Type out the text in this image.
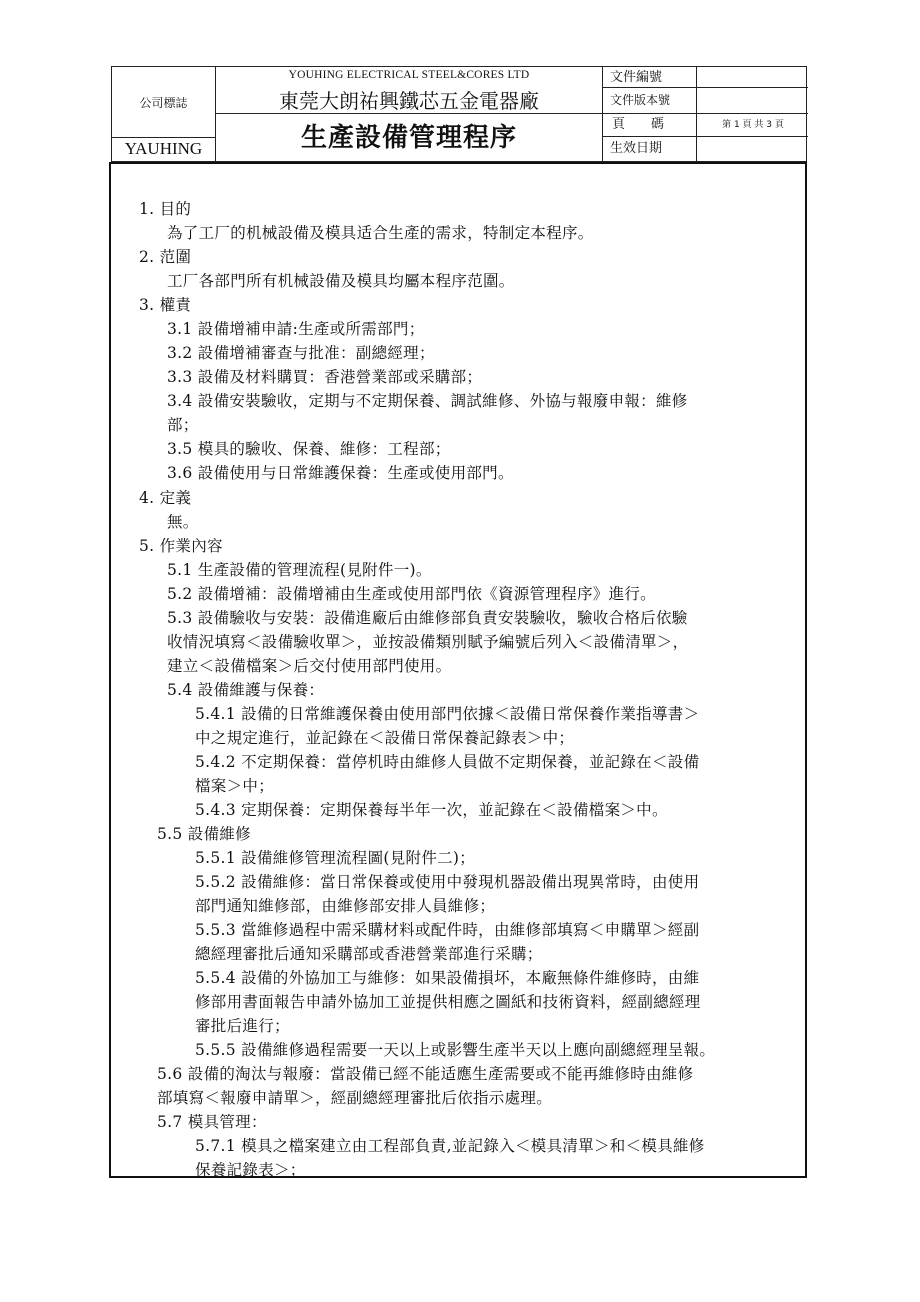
公司標誌
YAUHING
YOUHING ELECTRICAL STEEL&CORES LTD
東莞大朗祐興鐵芯五金電器廠
生產設備管理程序
文件編號
文件版本號
頁　　碼	第 1 頁 共 3 頁
生效日期
1. 目的
為了工厂的机械設備及模具适合生產的需求，特制定本程序。
2. 范圍
工厂各部門所有机械設備及模具均屬本程序范圍。
3. 權責
3.1 設備增補申請:生產或所需部門；
3.2 設備增補審查与批准：副總經理；
3.3 設備及材料購買：香港營業部或采購部；
3.4 設備安裝驗收，定期与不定期保養、調試維修、外協与報廢申報：維修
部；
3.5 模具的驗收、保養、維修：工程部；
3.6 設備使用与日常維護保養：生產或使用部門。
4. 定義
無。
5. 作業內容
5.1 生產設備的管理流程(見附件一)。
5.2 設備增補：設備增補由生產或使用部門依《資源管理程序》進行。
5.3 設備驗收与安裝：設備進廠后由維修部負責安裝驗收，驗收合格后依驗
收情況填寫＜設備驗收單＞，並按設備類別賦予編號后列入＜設備清單＞，
建立＜設備檔案＞后交付使用部門使用。
5.4 設備維護与保養：
5.4.1 設備的日常維護保養由使用部門依據＜設備日常保養作業指導書＞
中之規定進行，並記錄在＜設備日常保養記錄表＞中；
5.4.2 不定期保養：當停机時由維修人員做不定期保養，並記錄在＜設備
檔案＞中；
5.4.3 定期保養：定期保養每半年一次，並記錄在＜設備檔案＞中。
5.5 設備維修
5.5.1 設備維修管理流程圖(見附件二)；
5.5.2 設備維修：當日常保養或使用中發現机器設備出現異常時，由使用
部門通知維修部，由維修部安排人員維修；
5.5.3 當維修過程中需采購材料或配件時，由維修部填寫＜申購單＞經副
總經理審批后通知采購部或香港營業部進行采購；
5.5.4 設備的外協加工与維修：如果設備損坏，本廠無條件維修時，由維
修部用書面報告申請外協加工並提供相應之圖紙和技術資料，經副總經理
審批后進行；
5.5.5 設備維修過程需要一天以上或影響生產半天以上應向副總經理呈報。
5.6 設備的淘汰与報廢：當設備已經不能适應生產需要或不能再維修時由維修
部填寫＜報廢申請單＞，經副總經理審批后依指示處理。
5.7 模具管理：
5.7.1 模具之檔案建立由工程部負責,並記錄入＜模具清單＞和＜模具維修
保養記錄表＞；
